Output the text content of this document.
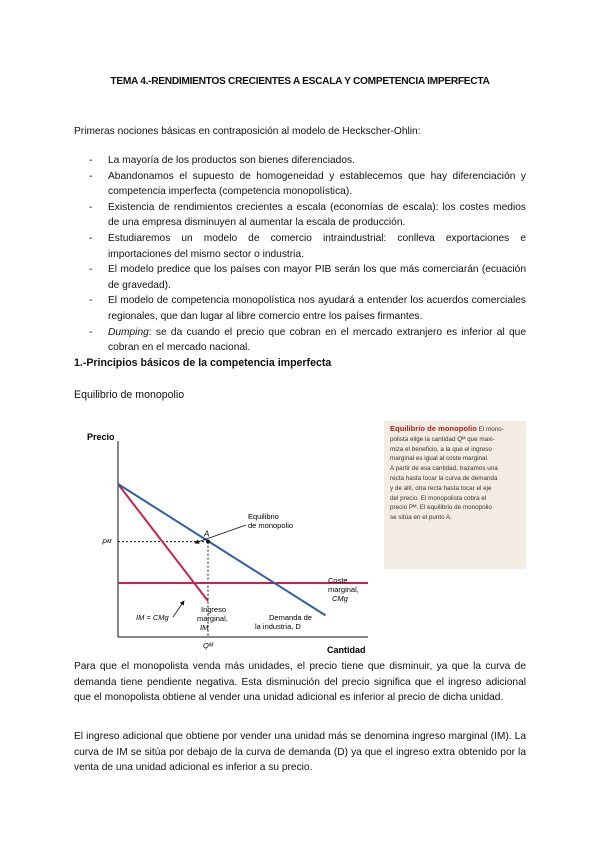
TEMA 4.-RENDIMIENTOS CRECIENTES A ESCALA Y COMPETENCIA IMPERFECTA
Primeras nociones básicas en contraposición al modelo de Heckscher-Ohlin:
- La mayoría de los productos son bienes diferenciados.
- Abandonamos el supuesto de homogeneidad y establecemos que hay diferenciación y competencia imperfecta (competencia monopolística).
- Existencia de rendimientos crecientes a escala (economías de escala): los costes medios de una empresa disminuyen al aumentar la escala de producción.
- Estudiaremos un modelo de comercio intraindustrial: conlleva exportaciones e importaciones del mismo sector o industria.
- El modelo predice que los países con mayor PIB serán los que más comerciarán (ecuación de gravedad).
- El modelo de competencia monopolística nos ayudará a entender los acuerdos comerciales regionales, que dan lugar al libre comercio entre los países firmantes.
- Dumping: se da cuando el precio que cobran en el mercado extranjero es inferior al que cobran en el mercado nacional.
1.-Principios básicos de la competencia imperfecta
Equilibrio de monopolio
Precio
Cantidad
Equilibrio
de monopolio
A
Pᴹ
Qᴹ
IM = CMg
Coste
marginal,
CMg
Ingreso
marginal,
IM
Demanda de
la industria, D
Equilibrio de monopolio El mono-
polista elige la cantidad Qᴹ que maxi-
miza el beneficio, a la que el ingreso
marginal es igual al coste marginal.
A partir de esa cantidad, trazamos una
recta hasta tocar la curva de demanda
y de allí, otra recta hasta tocar el eje
del precio. El monopolista cobra el
precio Pᴹ. El equilibrio de monopolio
se sitúa en el punto A.
Para que el monopolista venda más unidades, el precio tiene que disminuir, ya que la curva de demanda tiene pendiente negativa. Esta disminución del precio significa que el ingreso adicional que el monopolista obtiene al vender una unidad adicional es inferior al precio de dicha unidad.
El ingreso adicional que obtiene por vender una unidad más se denomina ingreso marginal (IM). La curva de IM se sitúa por debajo de la curva de demanda (D) ya que el ingreso extra obtenido por la venta de una unidad adicional es inferior a su precio.
